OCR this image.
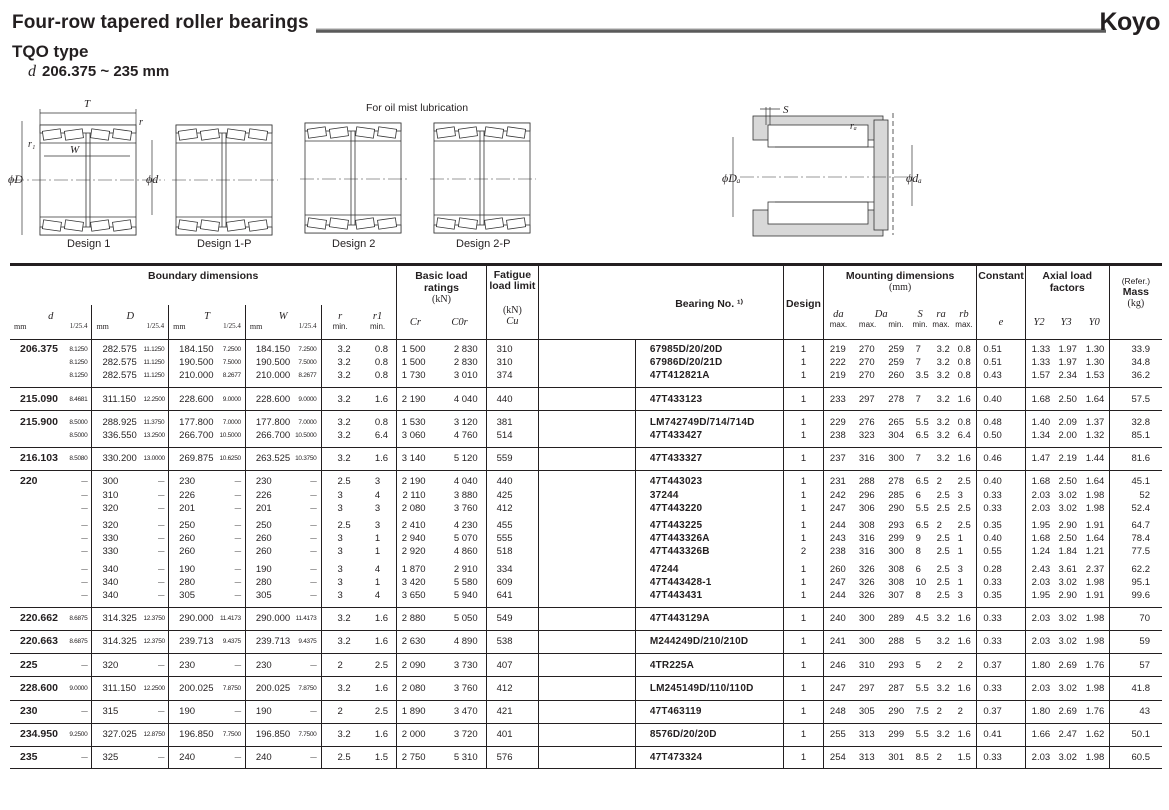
Four-row tapered roller bearings	Koyo
TQO type
d 206.375 ~ 235 mm
For oil mist lubrication
T
r
r₁	W
ϕD	ϕd
S
rₐ
ϕDₐ	ϕdₐ
Design 1	Design 1-P	Design 2	Design 2-P
Boundary dimensions	Basic load ratings
(kN)
	Fatigue load limit		Bearing No. ¹⁾	Design	
Mounting dimensions
(mm)
	Constant	Axial load factors	
(Refer.)
Mass
(kg)

d
mm	1/25.4

D
mm	1/25.4

T
mm	1/25.4

W
mm	1/25.4

r
min.

r1
min.	Cr	C0r

(kN)
Cu

da
max.

Da
max. min.

S
min.

ra
max.

rb
max.	e	Y2	Y3	Y0

206.375	8.1250	282.575	11.1250	184.150	7.2500	184.150	7.2500	3.2	0.8	1 500	2 830	310		67985D/20/20D	1	219	270	259	7	3.2	0.8	0.51	1.33	1.97	1.30	33.9
	8.1250	282.575	11.1250	190.500	7.5000	190.500	7.5000	3.2	0.8	1 500	2 830	310		67986D/20/21D	1	222	270	259	7	3.2	0.8	0.51	1.33	1.97	1.30	34.8
	8.1250	282.575	11.1250	210.000	8.2677	210.000	8.2677	3.2	0.8	1 730	3 010	374		47T412821A	1	219	270	260	3.5	3.2	0.8	0.43	1.57	2.34	1.53	36.2

215.090	8.4681	311.150	12.2500	228.600	9.0000	228.600	9.0000	3.2	1.6	2 190	4 040	440		47T433123	1	233	297	278	7	3.2	1.6	0.40	1.68	2.50	1.64	57.5

215.900	8.5000	288.925	11.3750	177.800	7.0000	177.800	7.0000	3.2	0.8	1 530	3 120	381		LM742749D/714/714D	1	229	276	265	5.5	3.2	0.8	0.48	1.40	2.09	1.37	32.8
	8.5000	336.550	13.2500	266.700	10.5000	266.700	10.5000	3.2	6.4	3 060	4 760	514		47T433427	1	238	323	304	6.5	3.2	6.4	0.50	1.34	2.00	1.32	85.1

216.103	8.5080	330.200	13.0000	269.875	10.6250	263.525	10.3750	3.2	1.6	3 140	5 120	559		47T433327	1	237	316	300	7	3.2	1.6	0.46	1.47	2.19	1.44	81.6

220	—	300	—	230	—	230	—	2.5	3	2 190	4 040	440		47T443023	1	231	288	278	6.5	2	2.5	0.40	1.68	2.50	1.64	45.1
	—	310	—	226	—	226	—	3	4	2 110	3 880	425		37244	1	242	296	285	6	2.5	3	0.33	2.03	3.02	1.98	52
	—	320	—	201	—	201	—	3	3	2 080	3 760	412		47T443220	1	247	306	290	5.5	2.5	2.5	0.33	2.03	3.02	1.98	52.4

	—	320	—	250	—	250	—	2.5	3	2 410	4 230	455		47T443225	1	244	308	293	6.5	2	2.5	0.35	1.95	2.90	1.91	64.7
	—	330	—	260	—	260	—	3	1	2 940	5 070	555		47T443326A	1	243	316	299	9	2.5	1	0.40	1.68	2.50	1.64	78.4
	—	330	—	260	—	260	—	3	1	2 920	4 860	518		47T443326B	2	238	316	300	8	2.5	1	0.55	1.24	1.84	1.21	77.5

	—	340	—	190	—	190	—	3	4	1 870	2 910	334		47244	1	260	326	308	6	2.5	3	0.28	2.43	3.61	2.37	62.2
	—	340	—	280	—	280	—	3	1	3 420	5 580	609		47T443428-1	1	247	326	308	10	2.5	1	0.33	2.03	3.02	1.98	95.1
	—	340	—	305	—	305	—	3	4	3 650	5 940	641		47T443431	1	244	326	307	8	2.5	3	0.35	1.95	2.90	1.91	99.6

220.662	8.6875	314.325	12.3750	290.000	11.4173	290.000	11.4173	3.2	1.6	2 880	5 050	549		47T443129A	1	240	300	289	4.5	3.2	1.6	0.33	2.03	3.02	1.98	70

220.663	8.6875	314.325	12.3750	239.713	9.4375	239.713	9.4375	3.2	1.6	2 630	4 890	538		M244249D/210/210D	1	241	300	288	5	3.2	1.6	0.33	2.03	3.02	1.98	59

225	—	320	—	230	—	230	—	2	2.5	2 090	3 730	407		4TR225A	1	246	310	293	5	2	2	0.37	1.80	2.69	1.76	57

228.600	9.0000	311.150	12.2500	200.025	7.8750	200.025	7.8750	3.2	1.6	2 080	3 760	412		LM245149D/110/110D	1	247	297	287	5.5	3.2	1.6	0.33	2.03	3.02	1.98	41.8

230	—	315	—	190	—	190	—	2	2.5	1 890	3 470	421		47T463119	1	248	305	290	7.5	2	2	0.37	1.80	2.69	1.76	43

234.950	9.2500	327.025	12.8750	196.850	7.7500	196.850	7.7500	3.2	1.6	2 000	3 720	401		8576D/20/20D	1	255	313	299	5.5	3.2	1.6	0.41	1.66	2.47	1.62	50.1

235	—	325	—	240	—	240	—	2.5	1.5	2 750	5 310	576		47T473324	1	254	313	301	8.5	2	1.5	0.33	2.03	3.02	1.98	60.5
